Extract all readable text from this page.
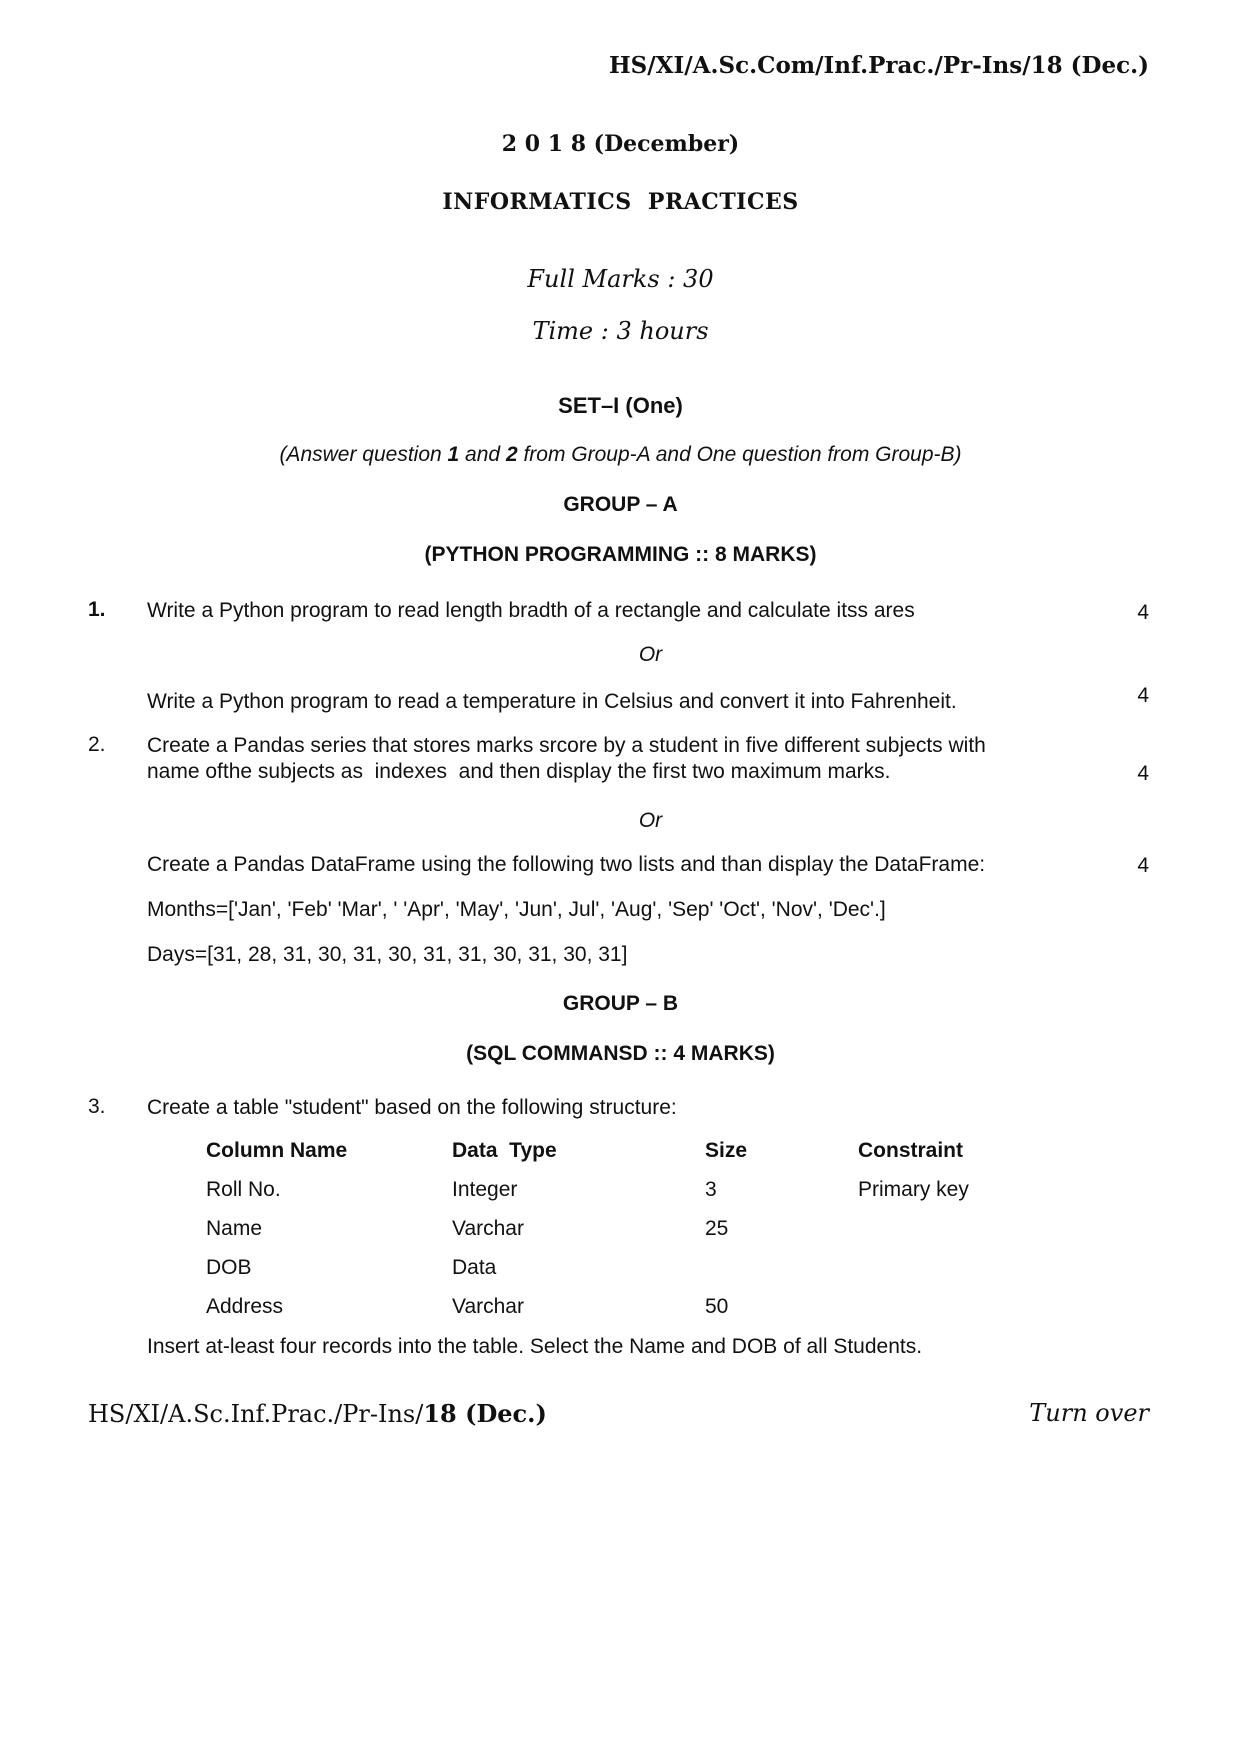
HS/XI/A.Sc.Com/Inf.Prac./Pr-Ins/18 (Dec.)
2 0 1 8 (December)
INFORMATICS  PRACTICES
Full Marks : 30
Time : 3 hours
SET–I (One)
(Answer question 1 and 2 from Group-A and One question from Group-B)
GROUP – A
(PYTHON PROGRAMMING :: 8 MARKS)
1. Write a Python program to read length bradth of a rectangle and calculate itss ares	4
Or
Write a Python program to read a temperature in Celsius and convert it into Fahrenheit.	4
2. Create a Pandas series that stores marks srcore by a student in five different subjects with
name ofthe subjects as  indexes  and then display the first two maximum marks.	4
Or
Create a Pandas DataFrame using the following two lists and than display the DataFrame:	4
Months=['Jan', 'Feb' 'Mar', ' 'Apr', 'May', 'Jun', Jul', 'Aug', 'Sep' 'Oct', 'Nov', 'Dec'.]
Days=[31, 28, 31, 30, 31, 30, 31, 31, 30, 31, 30, 31]
GROUP – B
(SQL COMMANSD :: 4 MARKS)
3. Create a table "student" based on the following structure:
Column Name	Data  Type	Size	Constraint
Roll No.	Integer	3	Primary key
Name	Varchar	25
DOB	Data
Address	Varchar	50
Insert at-least four records into the table. Select the Name and DOB of all Students.
HS/XI/A.Sc.Inf.Prac./Pr-Ins/18 (Dec.)	Turn over
